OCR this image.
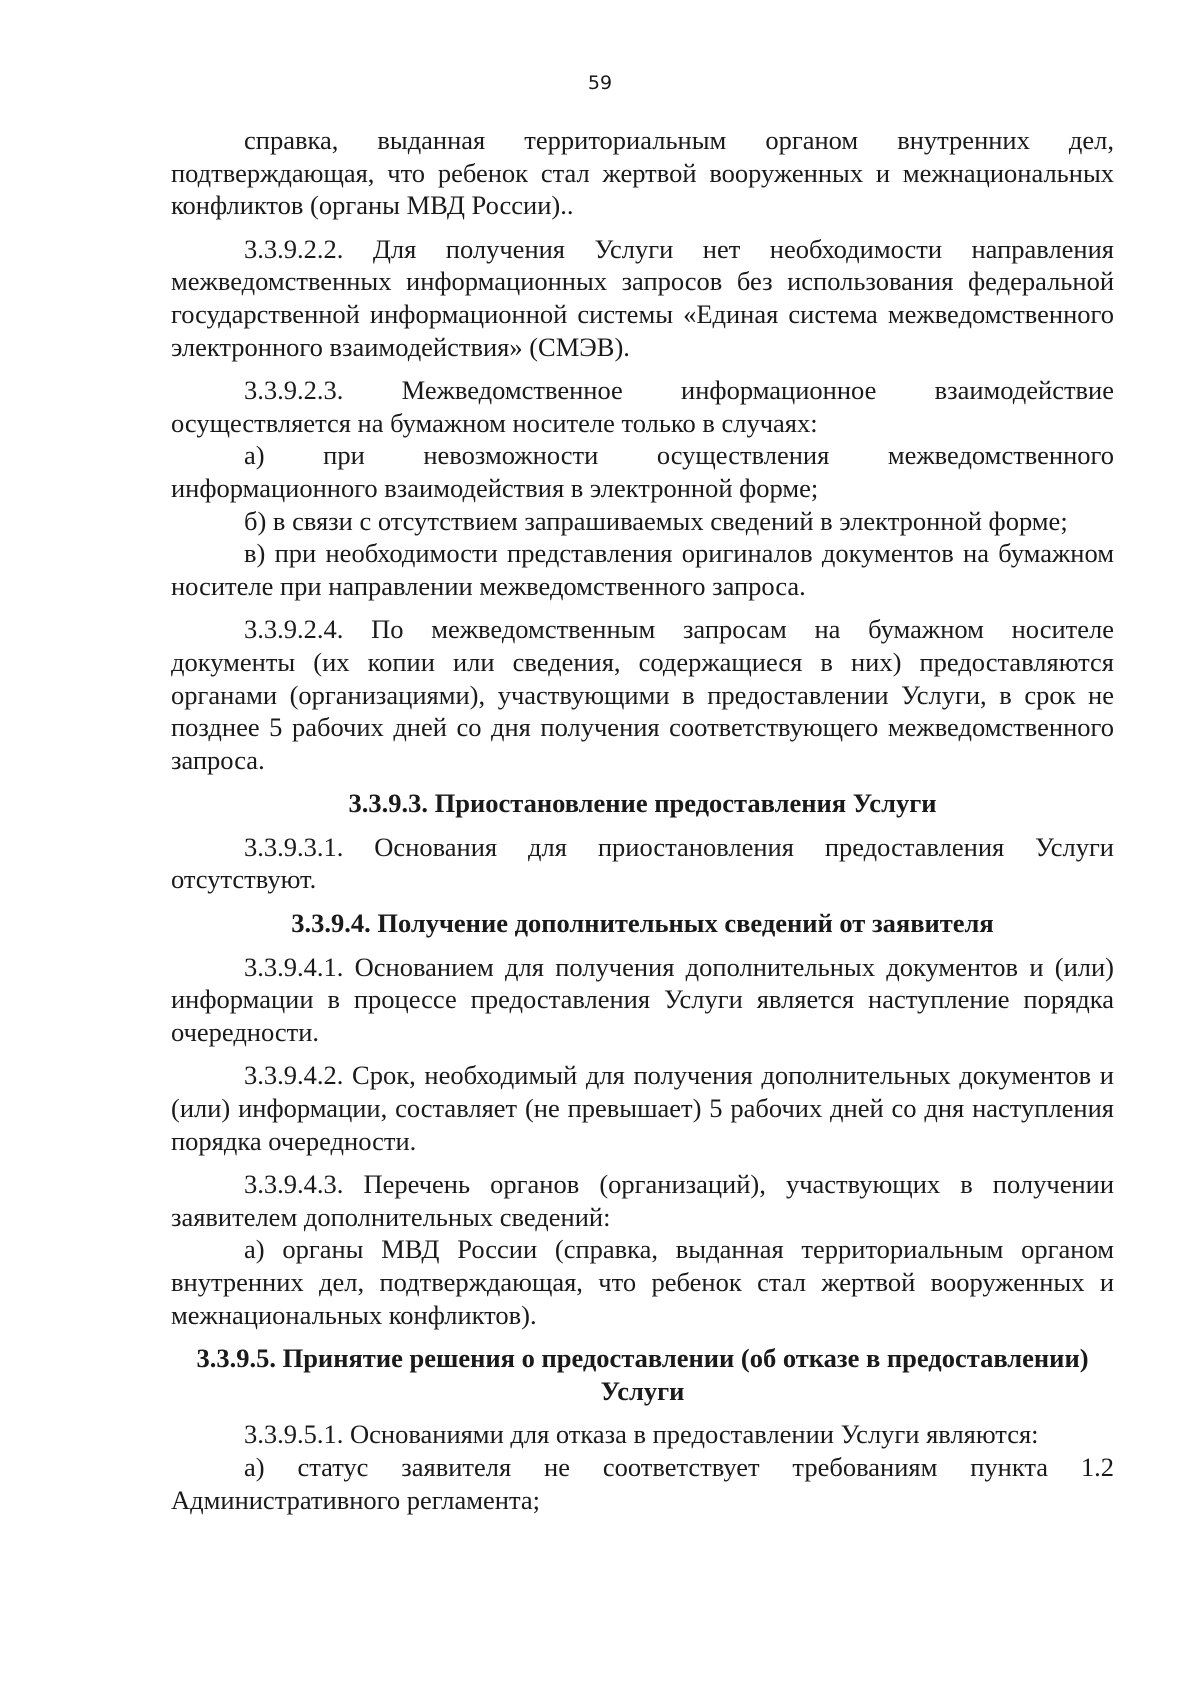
59

справка, выданная территориальным органом внутренних дел, подтверждающая, что ребенок стал жертвой вооруженных и межнациональных конфликтов (органы МВД России)..

3.3.9.2.2. Для получения Услуги нет необходимости направления межведомственных информационных запросов без использования федеральной государственной информационной системы «Единая система межведомственного электронного взаимодействия» (СМЭВ).

3.3.9.2.3. Межведомственное информационное взаимодействие осуществляется на бумажном носителе только в случаях:

а) при невозможности осуществления межведомственного информационного взаимодействия в электронной форме;

б) в связи с отсутствием запрашиваемых сведений в электронной форме;

в) при необходимости представления оригиналов документов на бумажном носителе при направлении межведомственного запроса.

3.3.9.2.4. По межведомственным запросам на бумажном носителе документы (их копии или сведения, содержащиеся в них) предоставляются органами (организациями), участвующими в предоставлении Услуги, в срок не позднее 5 рабочих дней со дня получения соответствующего межведомственного запроса.

3.3.9.3. Приостановление предоставления Услуги

3.3.9.3.1. Основания для приостановления предоставления Услуги отсутствуют.

3.3.9.4. Получение дополнительных сведений от заявителя

3.3.9.4.1. Основанием для получения дополнительных документов и (или) информации в процессе предоставления Услуги является наступление порядка очередности.

3.3.9.4.2. Срок, необходимый для получения дополнительных документов и (или) информации, составляет (не превышает) 5 рабочих дней со дня наступления порядка очередности.

3.3.9.4.3. Перечень органов (организаций), участвующих в получении заявителем дополнительных сведений:

а) органы МВД России (справка, выданная территориальным органом внутренних дел, подтверждающая, что ребенок стал жертвой вооруженных и межнациональных конфликтов).

3.3.9.5. Принятие решения о предоставлении (об отказе в предоставлении) Услуги

3.3.9.5.1. Основаниями для отказа в предоставлении Услуги являются:

а) статус заявителя не соответствует требованиям пункта 1.2 Административного регламента;
